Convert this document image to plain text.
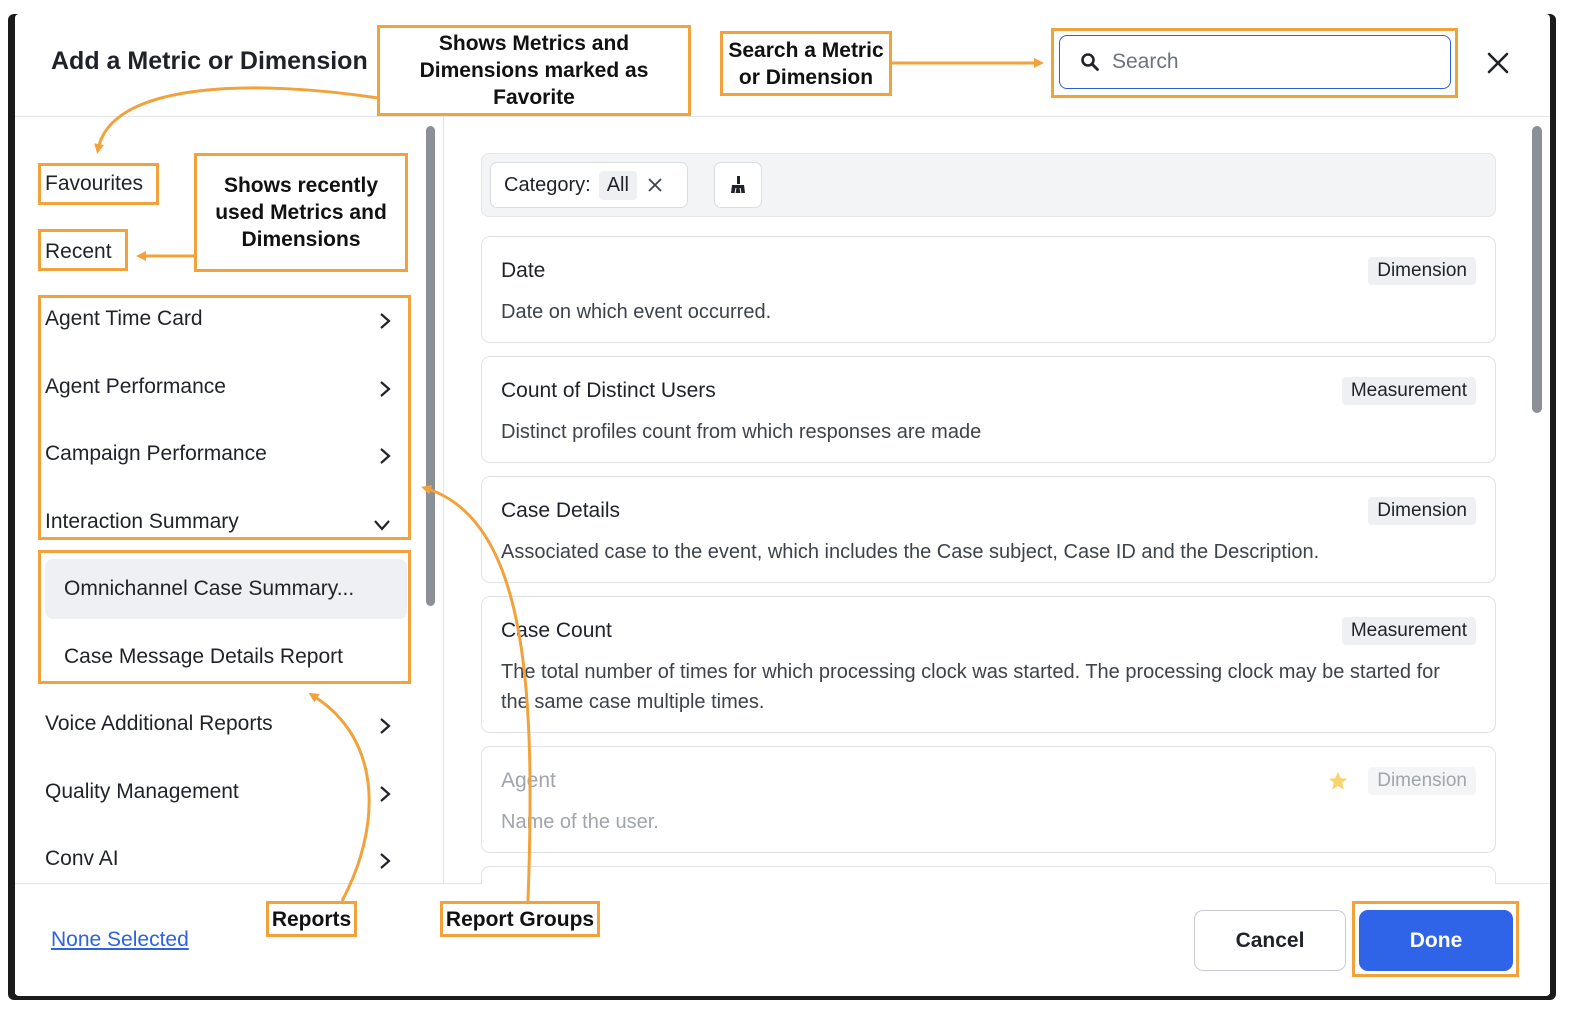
Add a Metric or Dimension
Search
Favourites
Recent
Agent Time Card
Agent Performance
Campaign Performance
Interaction Summary
Omnichannel Case Summary...
Case Message Details Report
Voice Additional Reports
Quality Management
Conv AI
Category: All
Date
Date on which event occurred.
Dimension
Count of Distinct Users
Distinct profiles count from which responses are made
Measurement
Case Details
Associated case to the event, which includes the Case subject, Case ID and the Description.
Dimension
Case Count
The total number of times for which processing clock was started. The processing clock may be started for the same case multiple times.
Measurement
Agent
Name of the user.
Dimension
None Selected	Cancel	Done
Shows Metrics and Dimensions marked as Favorite
Search a Metric or Dimension
Shows recently used Metrics and Dimensions
Reports	Report Groups
